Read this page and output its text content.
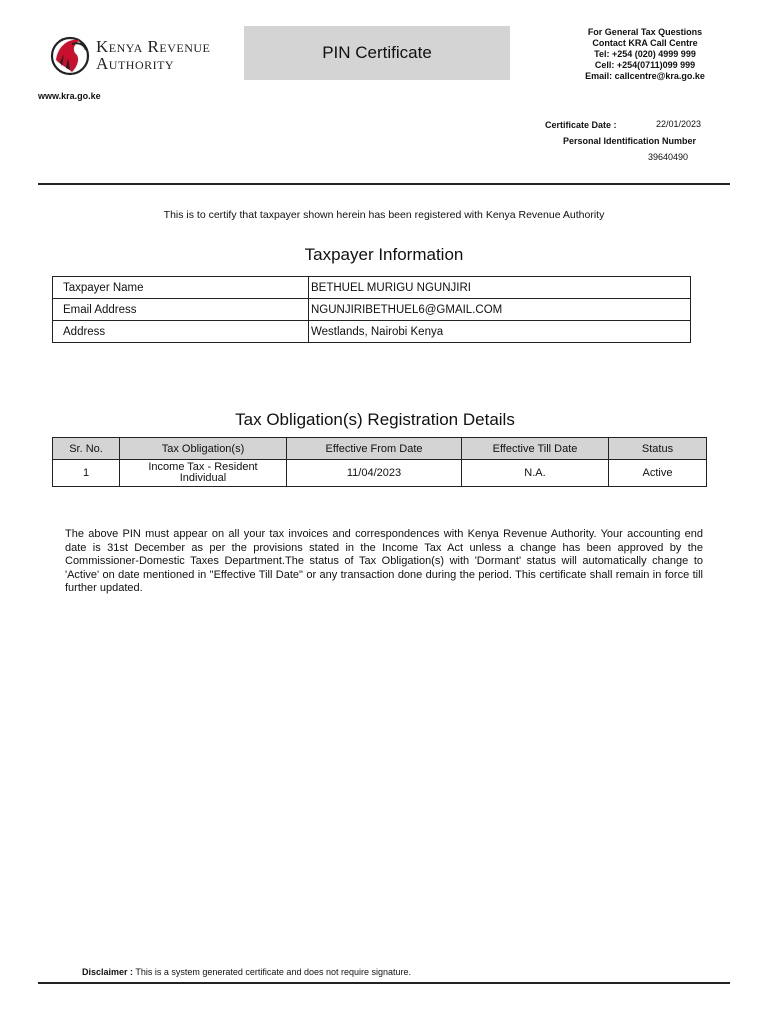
Kenya Revenue
Authority
PIN Certificate
For General Tax Questions
Contact KRA Call Centre
Tel: +254 (020) 4999 999
Cell: +254(0711)099 999
Email: callcentre@kra.go.ke
www.kra.go.ke
Certificate Date :	22/01/2023
Personal Identification Number
39640490
This is to certify that taxpayer shown herein has been registered with Kenya Revenue Authority
Taxpayer Information
Taxpayer Name	BETHUEL MURIGU NGUNJIRI
Email Address	NGUNJIRIBETHUEL6@GMAIL.COM
Address	Westlands, Nairobi Kenya
Tax Obligation(s) Registration Details
Sr. No.	Tax Obligation(s)	Effective From Date	Effective Till Date	Status
1	Income Tax - Resident Individual	11/04/2023	N.A.	Active
The above PIN must appear on all your tax invoices and correspondences with Kenya Revenue Authority. Your accounting end date is 31st December as per the provisions stated in the Income Tax Act unless a change has been approved by the Commissioner-Domestic Taxes Department.The status of Tax Obligation(s) with 'Dormant' status will automatically change to 'Active' on date mentioned in "Effective Till Date" or any transaction done during the period. This certificate shall remain in force till further updated.
Disclaimer : This is a system generated certificate and does not require signature.
